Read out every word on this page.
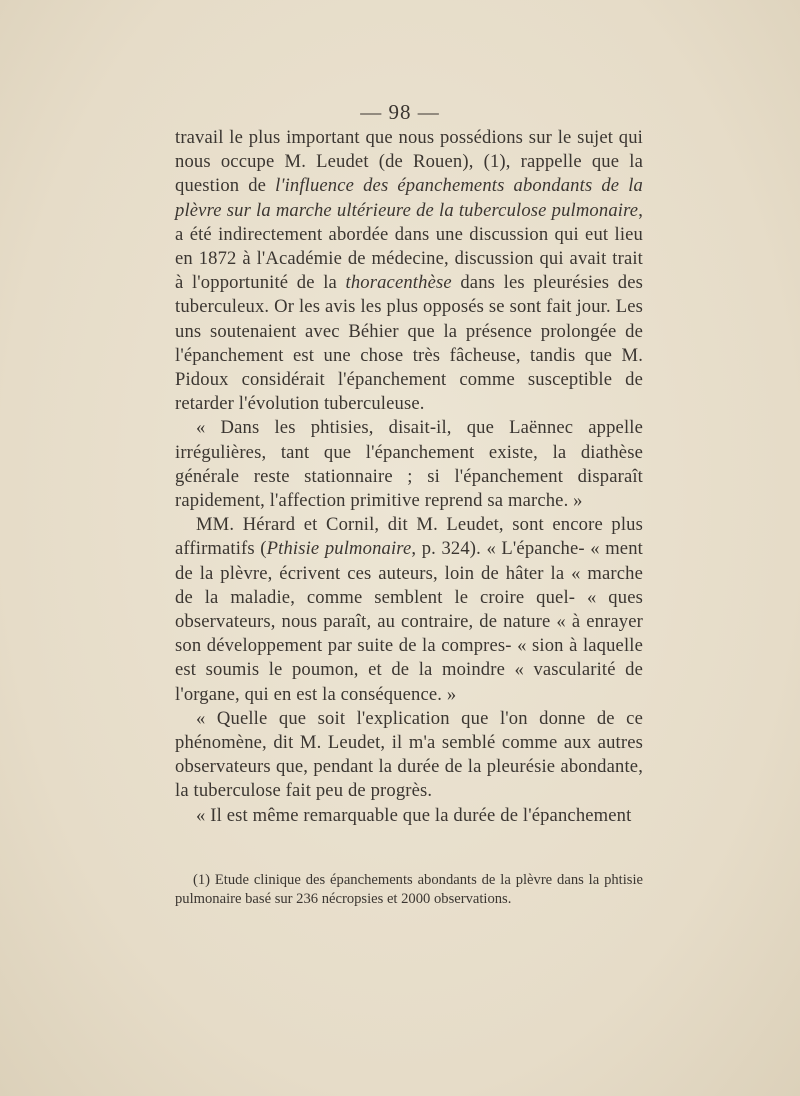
— 98 —

travail le plus important que nous possédions sur le sujet qui nous occupe M. Leudet (de Rouen), (1), rappelle que la question de l'influence des épanchements abondants de la plèvre sur la marche ultérieure de la tuberculose pulmonaire, a été indirectement abordée dans une discussion qui eut lieu en 1872 à l'Académie de médecine, discussion qui avait trait à l'opportunité de la thoracenthèse dans les pleurésies des tuberculeux. Or les avis les plus opposés se sont fait jour. Les uns soutenaient avec Béhier que la présence prolongée de l'épanchement est une chose très fâcheuse, tandis que M. Pidoux considérait l'épanchement comme susceptible de retarder l'évolution tuberculeuse.

« Dans les phtisies, disait-il, que Laënnec appelle irrégulières, tant que l'épanchement existe, la diathèse générale reste stationnaire ; si l'épanchement disparaît rapidement, l'affection primitive reprend sa marche. »

MM. Hérard et Cornil, dit M. Leudet, sont encore plus affirmatifs (Pthisie pulmonaire, p. 324). « L'épanche- « ment de la plèvre, écrivent ces auteurs, loin de hâter la « marche de la maladie, comme semblent le croire quel- « ques observateurs, nous paraît, au contraire, de nature « à enrayer son développement par suite de la compres- « sion à laquelle est soumis le poumon, et de la moindre « vascularité de l'organe, qui en est la conséquence. »

« Quelle que soit l'explication que l'on donne de ce phénomène, dit M. Leudet, il m'a semblé comme aux autres observateurs que, pendant la durée de la pleurésie abondante, la tuberculose fait peu de progrès.

« Il est même remarquable que la durée de l'épanchement

(1) Etude clinique des épanchements abondants de la plèvre dans la phtisie pulmonaire basé sur 236 nécropsies et 2000 observations.
